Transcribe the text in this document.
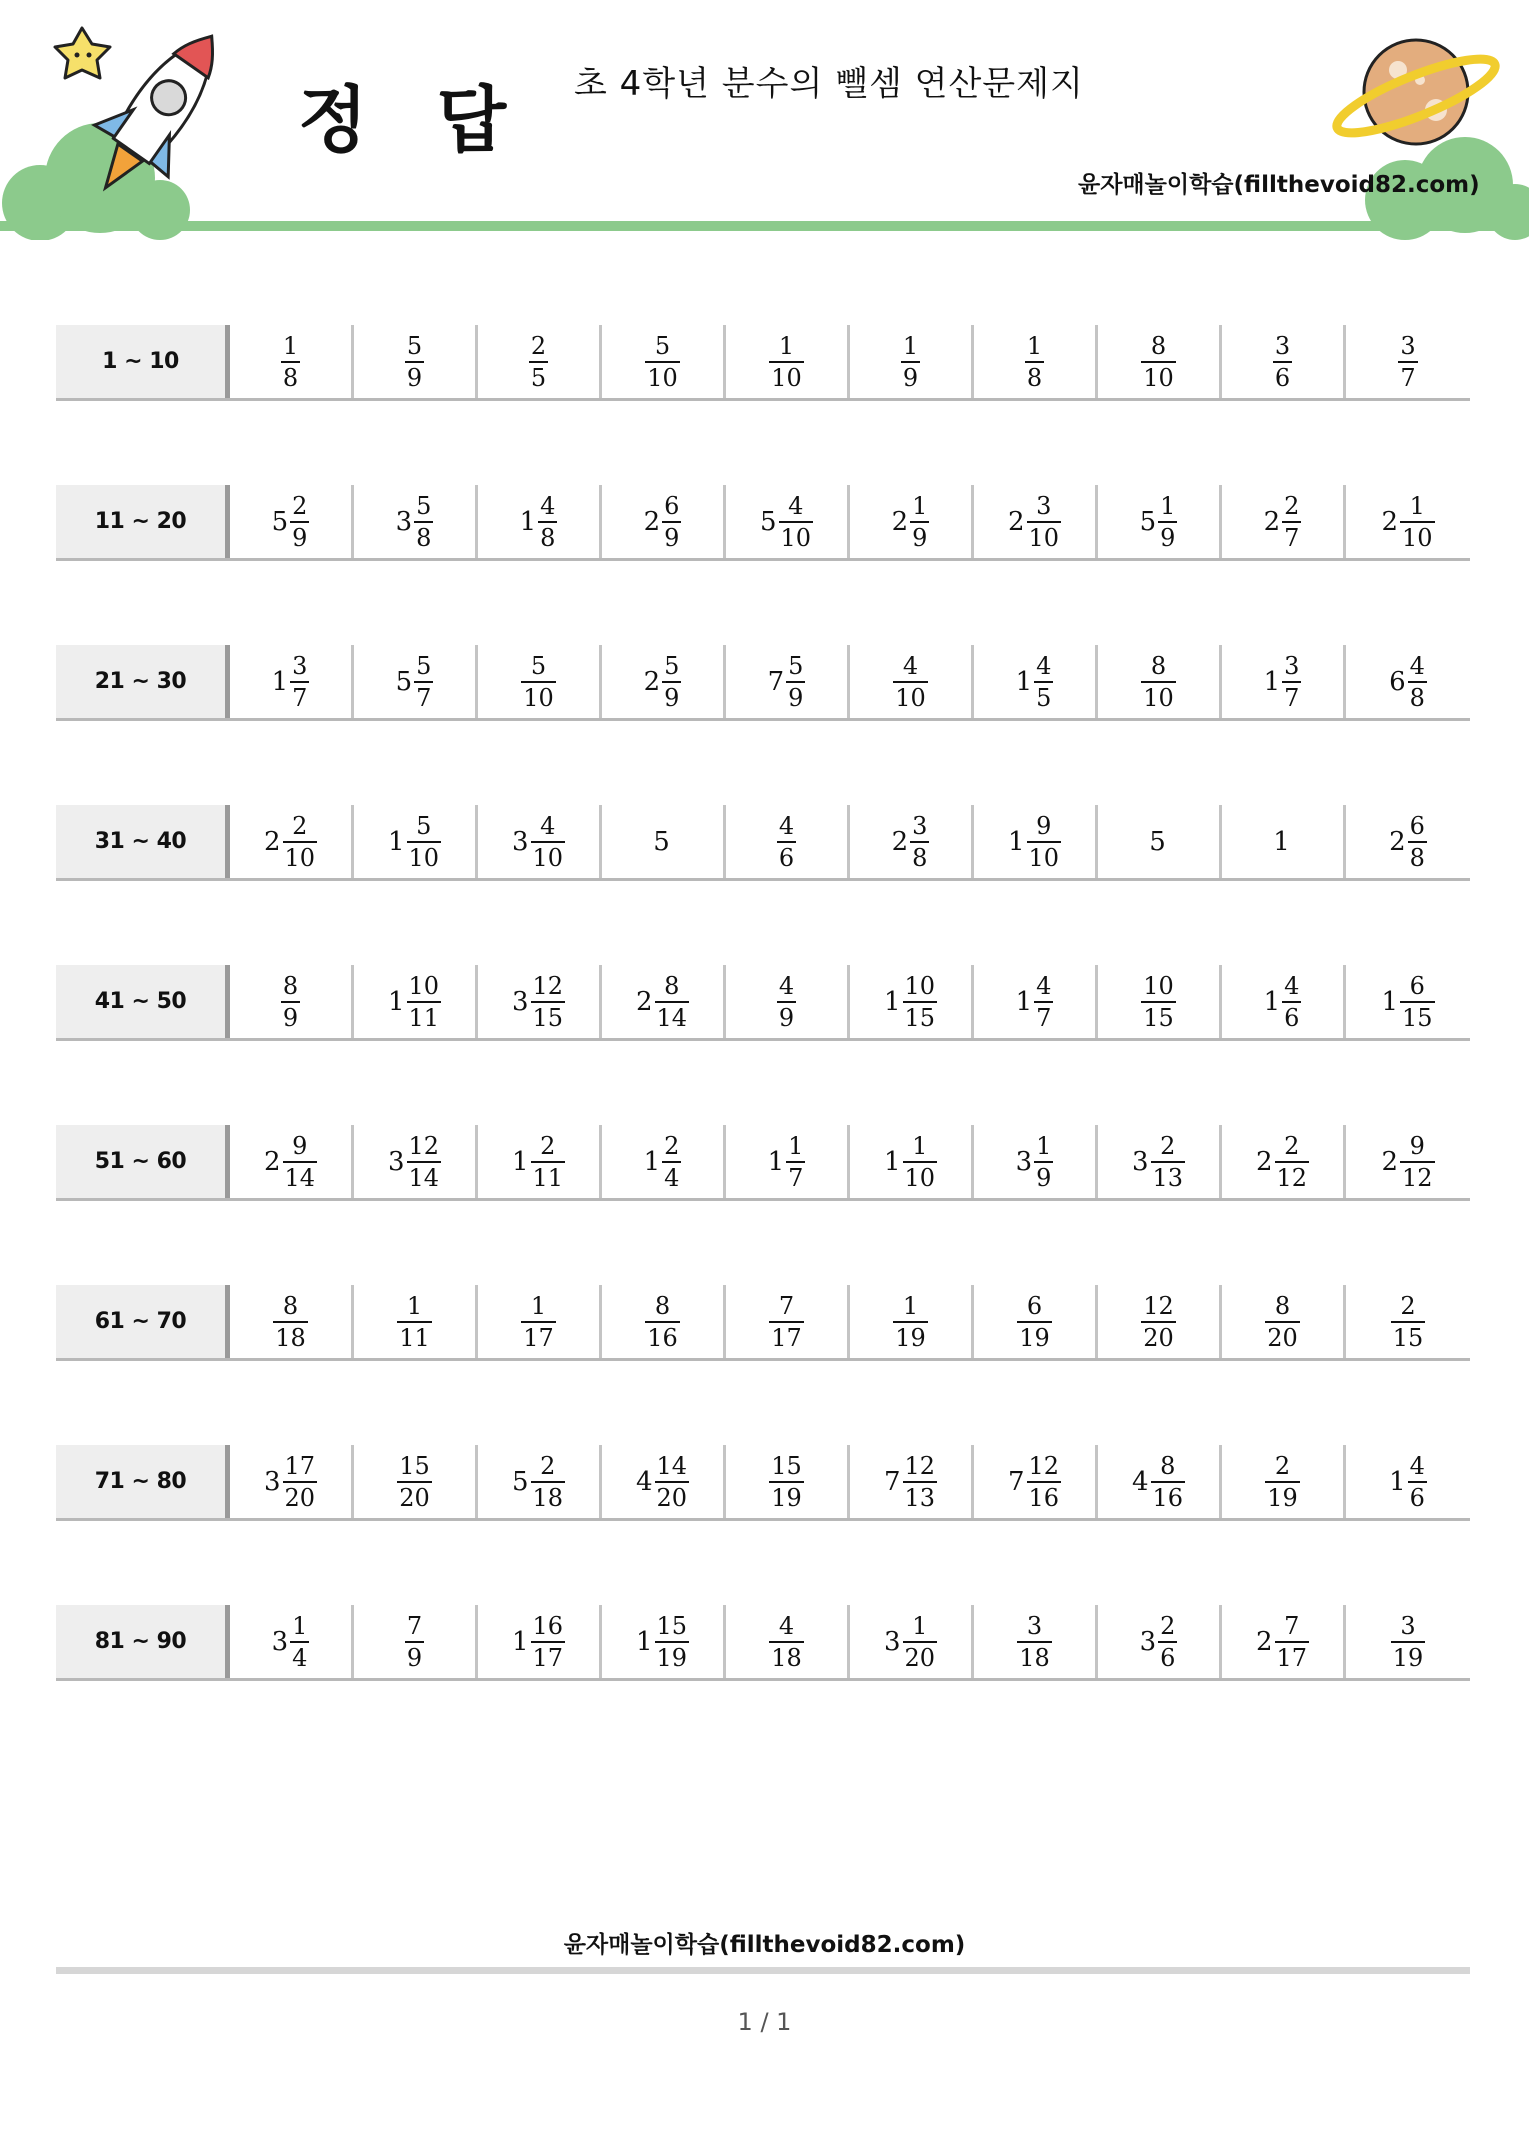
정 답 초 4학년 분수의 뺄셈 연산문제지
윤자매놀이학습(fillthevoid82.com)
1 ~ 10	$\frac{1}{8}$	$\frac{5}{9}$	$\frac{2}{5}$	$\frac{5}{10}$	$\frac{1}{10}$	$\frac{1}{9}$	$\frac{1}{8}$	$\frac{8}{10}$	$\frac{3}{6}$	$\frac{3}{7}$
11 ~ 20	$5 \frac{2}{9}$	$3 \frac{5}{8}$	$1 \frac{4}{8}$	$2 \frac{6}{9}$	$5 \frac{4}{10}$	$2 \frac{1}{9}$	$2 \frac{3}{10}$	$5 \frac{1}{9}$	$2 \frac{2}{7}$	$2 \frac{1}{10}$
21 ~ 30	$1 \frac{3}{7}$	$5 \frac{5}{7}$	$\frac{5}{10}$	$2 \frac{5}{9}$	$7 \frac{5}{9}$	$\frac{4}{10}$	$1 \frac{4}{5}$	$\frac{8}{10}$	$1 \frac{3}{7}$	$6 \frac{4}{8}$
31 ~ 40	$2 \frac{2}{10}$	$1 \frac{5}{10}$	$3 \frac{4}{10}$	5	$\frac{4}{6}$	$2 \frac{3}{8}$	$1 \frac{9}{10}$	5	1	$2 \frac{6}{8}$
41 ~ 50	$\frac{8}{9}$	$1 \frac{10}{11}$	$3 \frac{12}{15}$	$2 \frac{8}{14}$	$\frac{4}{9}$	$1 \frac{10}{15}$	$1 \frac{4}{7}$	$\frac{10}{15}$	$1 \frac{4}{6}$	$1 \frac{6}{15}$
51 ~ 60	$2 \frac{9}{14}$	$3 \frac{12}{14}$	$1 \frac{2}{11}$	$1 \frac{2}{4}$	$1 \frac{1}{7}$	$1 \frac{1}{10}$	$3 \frac{1}{9}$	$3 \frac{2}{13}$	$2 \frac{2}{12}$	$2 \frac{9}{12}$
61 ~ 70	$\frac{8}{18}$	$\frac{1}{11}$	$\frac{1}{17}$	$\frac{8}{16}$	$\frac{7}{17}$	$\frac{1}{19}$	$\frac{6}{19}$	$\frac{12}{20}$	$\frac{8}{20}$	$\frac{2}{15}$
71 ~ 80	$3 \frac{17}{20}$	$\frac{15}{20}$	$5 \frac{2}{18}$	$4 \frac{14}{20}$	$\frac{15}{19}$	$7 \frac{12}{13}$	$7 \frac{12}{16}$	$4 \frac{8}{16}$	$\frac{2}{19}$	$1 \frac{4}{6}$
81 ~ 90	$3 \frac{1}{4}$	$\frac{7}{9}$	$1 \frac{16}{17}$	$1 \frac{15}{19}$	$\frac{4}{18}$	$3 \frac{1}{20}$	$\frac{3}{18}$	$3 \frac{2}{6}$	$2 \frac{7}{17}$	$\frac{3}{19}$
윤자매놀이학습(fillthevoid82.com)
1 / 1
